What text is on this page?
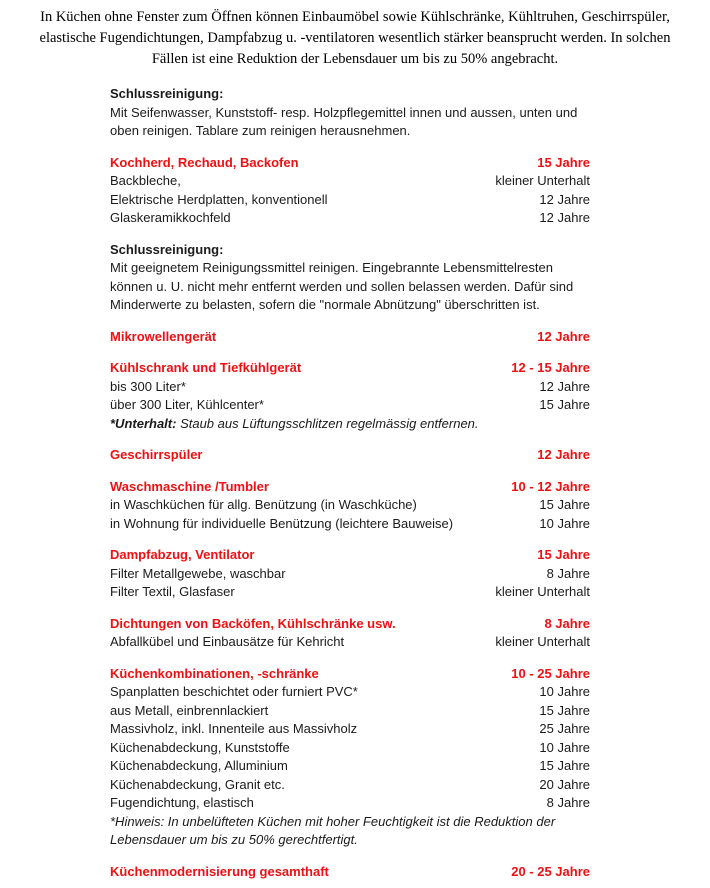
In Küchen ohne Fenster zum Öffnen können Einbaumöbel sowie Kühlschränke, Kühltruhen, Geschirrspüler,
elastische Fugendichtungen, Dampfabzug u. -ventilatoren wesentlich stärker beansprucht werden. In solchen
Fällen ist eine Reduktion der Lebensdauer um bis zu 50% angebracht.
Schlussreinigung:
Mit Seifenwasser, Kunststoff- resp. Holzpflegemittel innen und aussen, unten und oben reinigen. Tablare zum reinigen herausnehmen.
Kochherd, Rechaud, Backofen	15 Jahre
Backbleche,	kleiner Unterhalt
Elektrische Herdplatten, konventionell	12 Jahre
Glaskeramikkochfeld	12 Jahre
Schlussreinigung:
Mit geeignetem Reinigungssmittel reinigen. Eingebrannte Lebensmittelresten können u. U. nicht mehr entfernt werden und sollen belassen werden. Dafür sind Minderwerte zu belasten, sofern die "normale Abnützung" überschritten ist.
Mikrowellengerät	12 Jahre
Kühlschrank und Tiefkühlgerät	12 - 15 Jahre
bis 300 Liter*	12 Jahre
über 300 Liter, Kühlcenter*	15 Jahre
*Unterhalt: Staub aus Lüftungsschlitzen regelmässig entfernen.
Geschirrspüler	12 Jahre
Waschmaschine /Tumbler	10 - 12 Jahre
in Waschküchen für allg. Benützung (in Waschküche)	15 Jahre
in Wohnung für individuelle Benützung (leichtere Bauweise)	10 Jahre
Dampfabzug, Ventilator	15 Jahre
Filter Metallgewebe, waschbar	8 Jahre
Filter Textil, Glasfaser	kleiner Unterhalt
Dichtungen von Backöfen, Kühlschränke usw.	8 Jahre
Abfallkübel und Einbausätze für Kehricht	kleiner Unterhalt
Küchenkombinationen, -schränke	10 - 25 Jahre
Spanplatten beschichtet oder furniert PVC*	10 Jahre
aus Metall, einbrennlackiert	15 Jahre
Massivholz, inkl. Innenteile aus Massivholz	25 Jahre
Küchenabdeckung, Kunststoffe	10 Jahre
Küchenabdeckung, Alluminium	15 Jahre
Küchenabdeckung, Granit etc.	20 Jahre
Fugendichtung, elastisch	8 Jahre
*Hinweis: In unbelüfteten Küchen mit hoher Feuchtigkeit ist die Reduktion der Lebensdauer um bis zu 50% gerechtfertigt.
Küchenmodernisierung gesamthaft	20 - 25 Jahre
